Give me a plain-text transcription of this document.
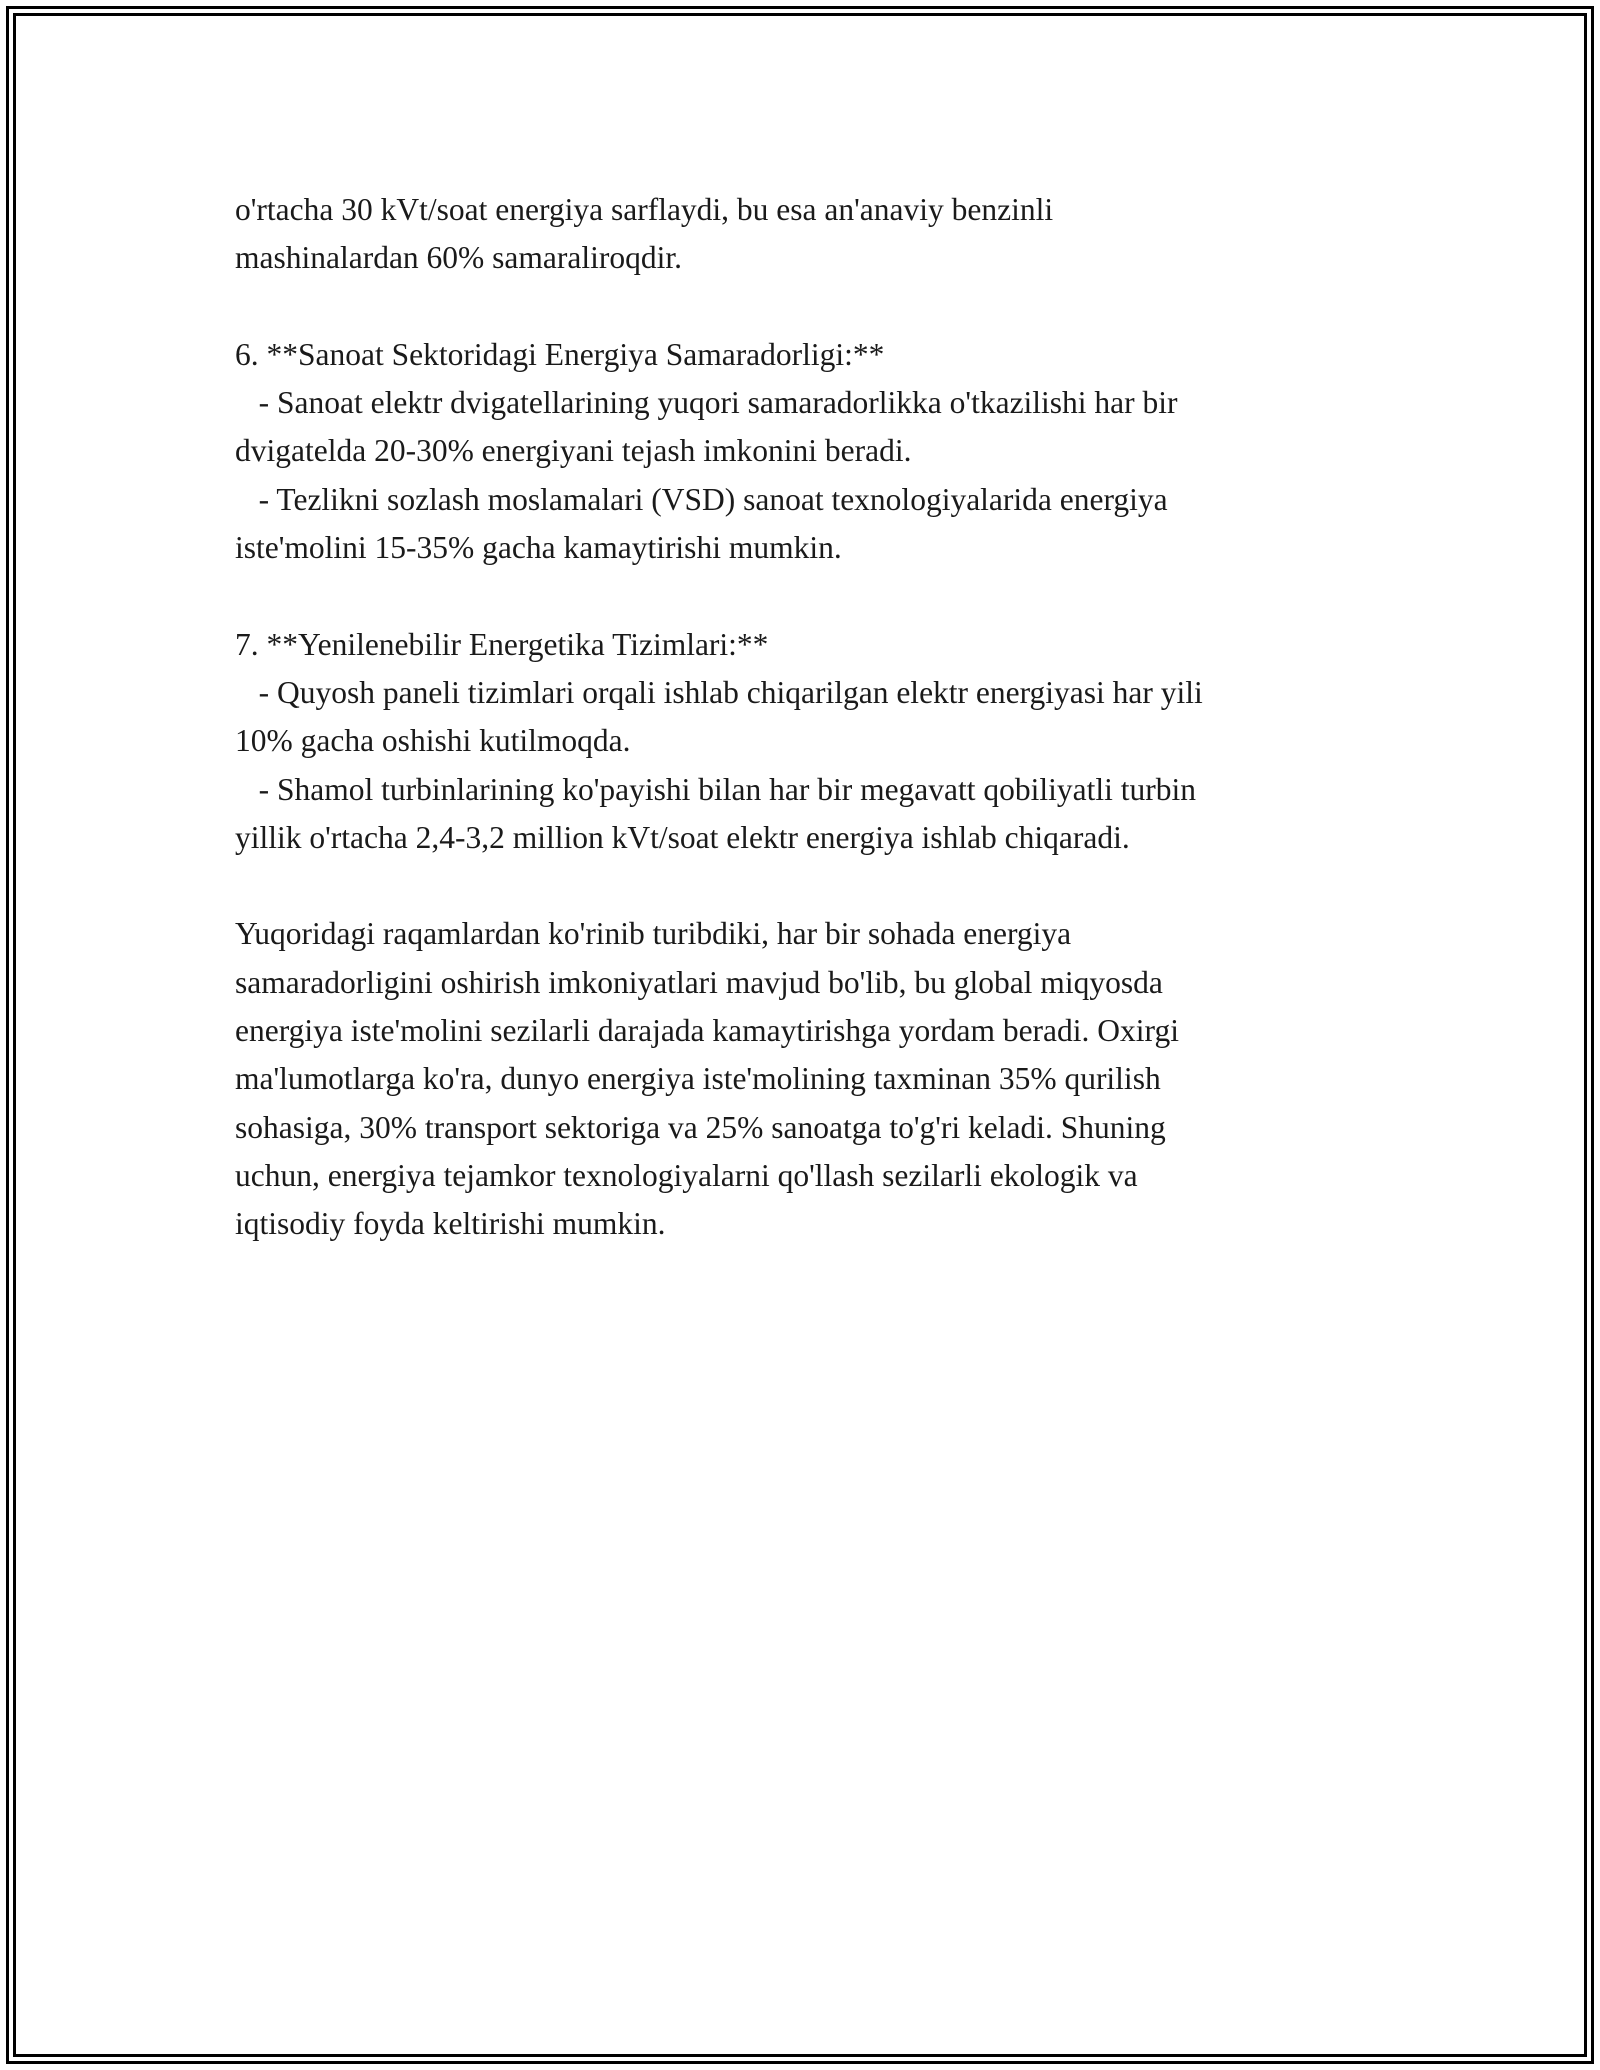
o'rtacha 30 kVt/soat energiya sarflaydi, bu esa an'anaviy benzinli

mashinalardan 60% samaraliroqdir.

6. **Sanoat Sektoridagi Energiya Samaradorligi:**

- Sanoat elektr dvigatellarining yuqori samaradorlikka o'tkazilishi har bir

dvigatelda 20-30% energiyani tejash imkonini beradi.

- Tezlikni sozlash moslamalari (VSD) sanoat texnologiyalarida energiya

iste'molini 15-35% gacha kamaytirishi mumkin.

7. **Yenilenebilir Energetika Tizimlari:**

- Quyosh paneli tizimlari orqali ishlab chiqarilgan elektr energiyasi har yili

10% gacha oshishi kutilmoqda.

- Shamol turbinlarining ko'payishi bilan har bir megavatt qobiliyatli turbin

yillik o'rtacha 2,4-3,2 million kVt/soat elektr energiya ishlab chiqaradi.

Yuqoridagi raqamlardan ko'rinib turibdiki, har bir sohada energiya

samaradorligini oshirish imkoniyatlari mavjud bo'lib, bu global miqyosda

energiya iste'molini sezilarli darajada kamaytirishga yordam beradi. Oxirgi

ma'lumotlarga ko'ra, dunyo energiya iste'molining taxminan 35% qurilish

sohasiga, 30% transport sektoriga va 25% sanoatga to'g'ri keladi. Shuning

uchun, energiya tejamkor texnologiyalarni qo'llash sezilarli ekologik va

iqtisodiy foyda keltirishi mumkin.
